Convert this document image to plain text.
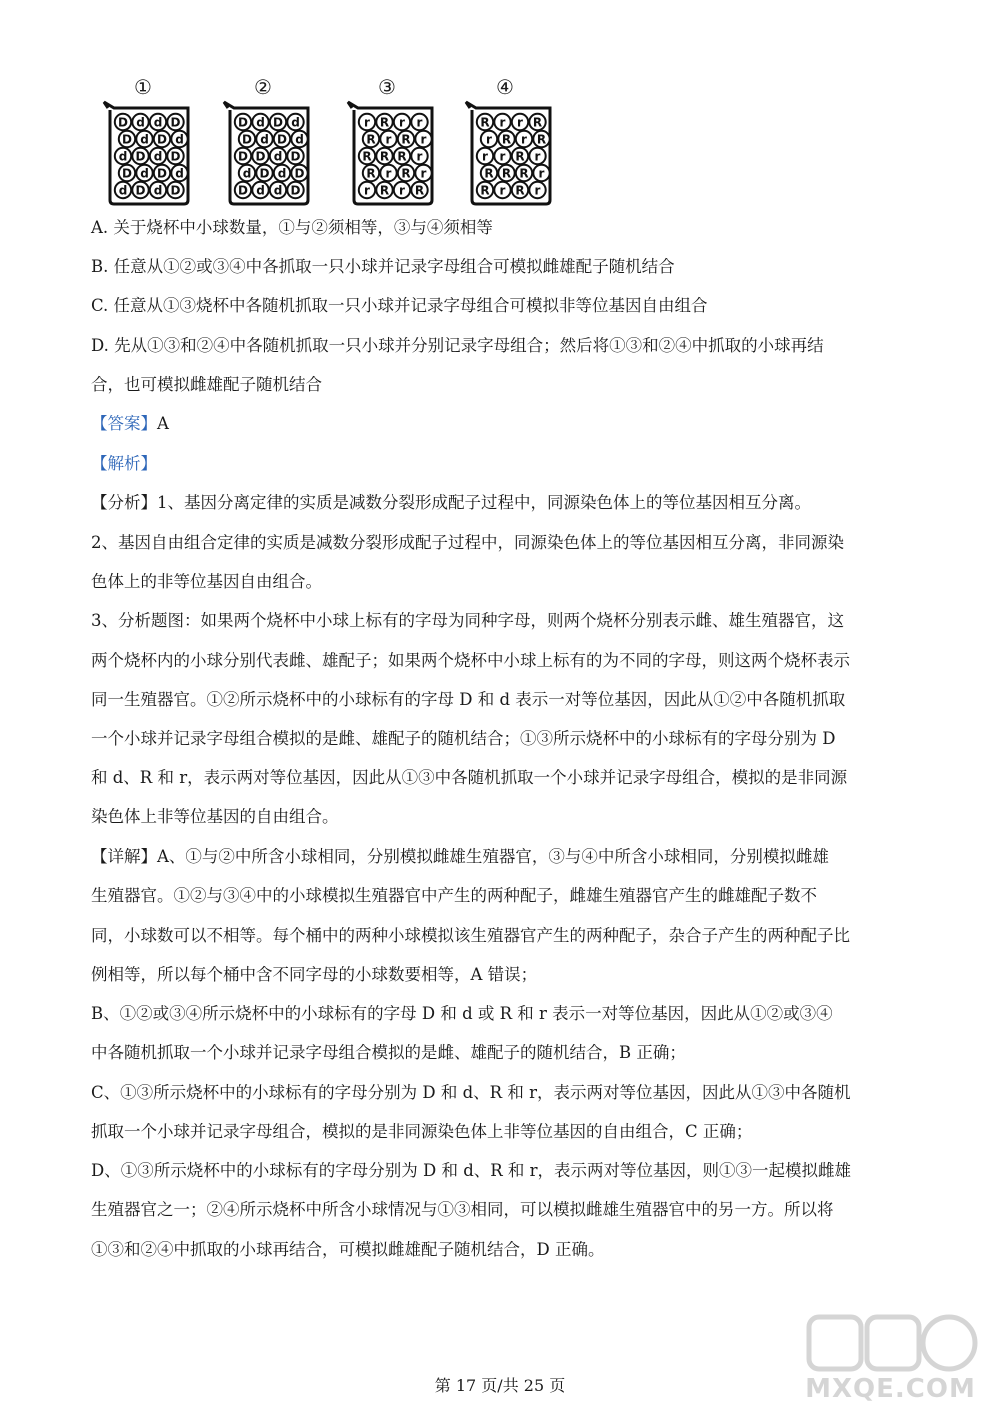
D d d D
D d D d
d D d D
D d D d
d D d D
①
D d D d
D d D d
D D d D
d D d D
D d d D
②
r R r r
R r R r
R R R r
R r R r
r R r R
③
R r r R
r R r R
r r R r
R R R r
R r R r
④
A. 关于烧杯中小球数量，①与②须相等，③与④须相等
B. 任意从①②或③④中各抓取一只小球并记录字母组合可模拟雌雄配子随机结合
C. 任意从①③烧杯中各随机抓取一只小球并记录字母组合可模拟非等位基因自由组合
D. 先从①③和②④中各随机抓取一只小球并分别记录字母组合；然后将①③和②④中抓取的小球再结
合，也可模拟雌雄配子随机结合
【答案】A
【解析】
【分析】1、基因分离定律的实质是减数分裂形成配子过程中，同源染色体上的等位基因相互分离。
2、基因自由组合定律的实质是减数分裂形成配子过程中，同源染色体上的等位基因相互分离，非同源染
色体上的非等位基因自由组合。
3、分析题图：如果两个烧杯中小球上标有的字母为同种字母，则两个烧杯分别表示雌、雄生殖器官，这
两个烧杯内的小球分别代表雌、雄配子；如果两个烧杯中小球上标有的为不同的字母，则这两个烧杯表示
同一生殖器官。①②所示烧杯中的小球标有的字母 D 和 d 表示一对等位基因，因此从①②中各随机抓取
一个小球并记录字母组合模拟的是雌、雄配子的随机结合；①③所示烧杯中的小球标有的字母分别为 D
和 d、R 和 r，表示两对等位基因，因此从①③中各随机抓取一个小球并记录字母组合，模拟的是非同源
染色体上非等位基因的自由组合。
【详解】A、①与②中所含小球相同，分别模拟雌雄生殖器官，③与④中所含小球相同，分别模拟雌雄
生殖器官。①②与③④中的小球模拟生殖器官中产生的两种配子，雌雄生殖器官产生的雌雄配子数不
同，小球数可以不相等。每个桶中的两种小球模拟该生殖器官产生的两种配子，杂合子产生的两种配子比
例相等，所以每个桶中含不同字母的小球数要相等，A 错误；
B、①②或③④所示烧杯中的小球标有的字母 D 和 d 或 R 和 r 表示一对等位基因，因此从①②或③④
中各随机抓取一个小球并记录字母组合模拟的是雌、雄配子的随机结合，B 正确；
C、①③所示烧杯中的小球标有的字母分别为 D 和 d、R 和 r，表示两对等位基因，因此从①③中各随机
抓取一个小球并记录字母组合，模拟的是非同源染色体上非等位基因的自由组合，C 正确；
D、①③所示烧杯中的小球标有的字母分别为 D 和 d、R 和 r，表示两对等位基因，则①③一起模拟雌雄
生殖器官之一；②④所示烧杯中所含小球情况与①③相同，可以模拟雌雄生殖器官中的另一方。所以将
①③和②④中抓取的小球再结合，可模拟雌雄配子随机结合，D 正确。
第 17 页/共 25 页	MXQE.COM
